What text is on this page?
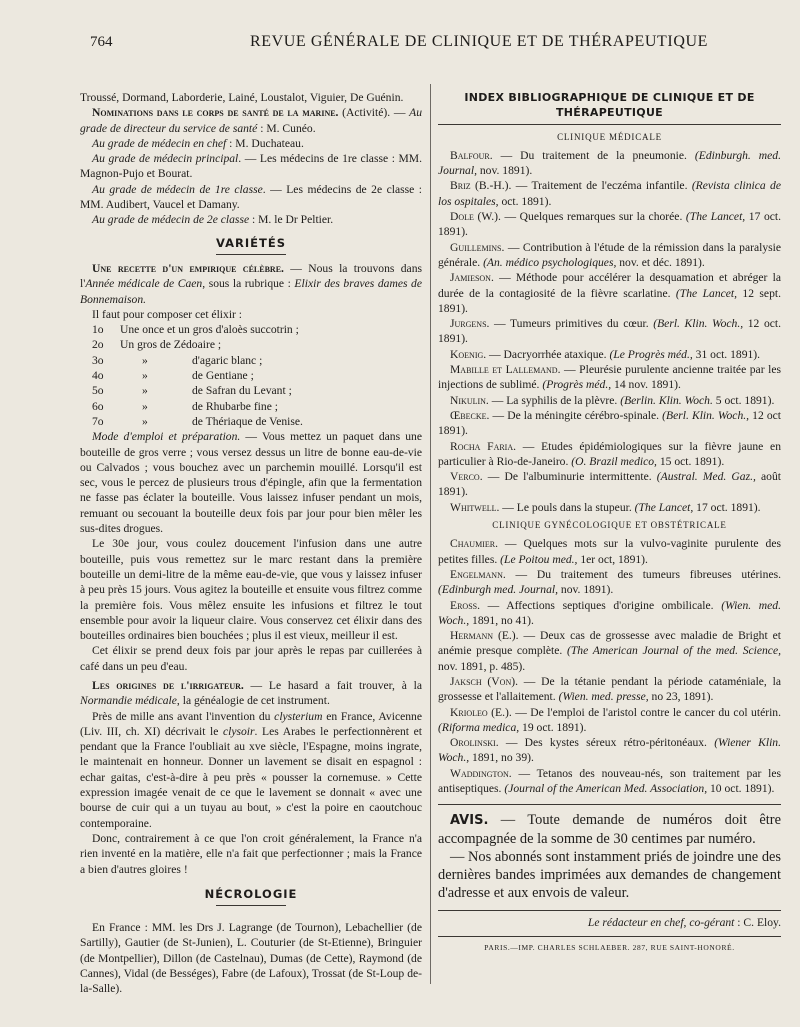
764	REVUE GÉNÉRALE DE CLINIQUE ET DE THÉRAPEUTIQUE

Troussé, Dormand, Laborderie, Lainé, Loustalot, Viguier, De Guénin.

Nominations dans le corps de santé de la marine. (Activité). — Au grade de directeur du service de santé : M. Cunéo.

Au grade de médecin en chef : M. Duchateau.

Au grade de médecin principal. — Les médecins de 1re classe : MM. Magnon-Pujo et Bourat.

Au grade de médecin de 1re classe. — Les médecins de 2e classe : MM. Audibert, Vaucel et Damany.

Au grade de médecin de 2e classe : M. le Dr Peltier.

VARIÉTÉS

Une recette d'un empirique célèbre. — Nous la trouvons dans l'Année médicale de Caen, sous la rubrique : Elixir des braves dames de Bonnemaison.

Il faut pour composer cet élixir :

1o	Une once et un gros d'aloès succotrin ;
2o	Un gros de Zédoaire ;
3o	»	d'agaric blanc ;
4o	»	de Gentiane ;
5o	»	de Safran du Levant ;
6o	»	de Rhubarbe fine ;
7o	»	de Thériaque de Venise.

Mode d'emploi et préparation. — Vous mettez un paquet dans une bouteille de gros verre ; vous versez dessus un litre de bonne eau-de-vie ou Calvados ; vous bouchez avec un parchemin mouillé. Lorsqu'il est sec, vous le percez de plusieurs trous d'épingle, afin que la fermentation ne fasse pas éclater la bouteille. Vous laissez infuser pendant un mois, remuant ou secouant la bouteille deux fois par jour pour bien mêler les sus-dites drogues.

Le 30e jour, vous coulez doucement l'infusion dans une autre bouteille, puis vous remettez sur le marc restant dans la première bouteille un demi-litre de la même eau-de-vie, que vous y laissez infuser à peu près 15 jours. Vous agitez la bouteille et ensuite vous filtrez comme la première fois. Vous mêlez ensuite les infusions et filtrez le tout ensemble pour avoir la liqueur claire. Vous conservez cet élixir dans des bouteilles ordinaires bien bouchées ; plus il est vieux, meilleur il est.

Cet élixir se prend deux fois par jour après le repas par cuillerées à café dans un peu d'eau.

Les origines de l'irrigateur. — Le hasard a fait trouver, à la Normandie médicale, la généalogie de cet instrument.

Près de mille ans avant l'invention du clysterium en France, Avicenne (Liv. III, ch. XI) décrivait le clysoir. Les Arabes le perfectionnèrent et pendant que la France l'oubliait au xve siècle, l'Espagne, moins ingrate, le maintenait en honneur. Donner un lavement se disait en espagnol : echar gaitas, c'est-à-dire à peu près « pousser la cornemuse. » Cette expression imagée venait de ce que le lavement se donnait « avec une bourse de cuir qui a un tuyau au bout, » c'est la poire en caoutchouc contemporaine.

Donc, contrairement à ce que l'on croit généralement, la France n'a rien inventé en la matière, elle n'a fait que perfectionner ; mais la France a bien d'autres gloires !

NÉCROLOGIE

En France : MM. les Drs J. Lagrange (de Tournon), Lebachellier (de Sartilly), Gautier (de St-Junien), L. Couturier (de St-Etienne), Bringuier (de Montpellier), Dillon (de Castelnau), Dumas (de Cette), Raymond (de Cannes), Vidal (de Bességes), Fabre (de Lafoux), Trossat (de St-Loup de-la-Salle).

INDEX BIBLIOGRAPHIQUE DE CLINIQUE ET DE THÉRAPEUTIQUE
CLINIQUE MÉDICALE

Balfour. — Du traitement de la pneumonie. (Edinburgh. med. Journal, nov. 1891).

Briz (B.-H.). — Traitement de l'eczéma infantile. (Revista clinica de los ospitales, oct. 1891).

Dole (W.). — Quelques remarques sur la chorée. (The Lancet, 17 oct. 1891).

Guillemins. — Contribution à l'étude de la rémission dans la paralysie générale. (An. médico psychologiques, nov. et déc. 1891).

Jamieson. — Méthode pour accélérer la desquamation et abréger la durée de la contagiosité de la fièvre scarlatine. (The Lancet, 12 sept. 1891).

Jurgens. — Tumeurs primitives du cœur. (Berl. Klin. Woch., 12 oct. 1891).

Koenig. — Dacryorrhée ataxique. (Le Progrès méd., 31 oct. 1891).

Mabille et Lallemand. — Pleurésie purulente ancienne traitée par les injections de sublimé. (Progrès méd., 14 nov. 1891).

Nikulin. — La syphilis de la plèvre. (Berlin. Klin. Woch. 5 oct. 1891).

Œbecke. — De la méningite cérébro-spinale. (Berl. Klin. Woch., 12 oct 1891).

Rocha Faria. — Etudes épidémiologiques sur la fièvre jaune en particulier à Rio-de-Janeiro. (O. Brazil medico, 15 oct. 1891).

Verco. — De l'albuminurie intermittente. (Austral. Med. Gaz., août 1891).

Whitwell. — Le pouls dans la stupeur. (The Lancet, 17 oct. 1891).

CLINIQUE GYNÉCOLOGIQUE ET OBSTÉTRICALE

Chaumier. — Quelques mots sur la vulvo-vaginite purulente des petites filles. (Le Poitou med., 1er oct, 1891).

Engelmann. — Du traitement des tumeurs fibreuses utérines. (Edinburgh med. Journal, nov. 1891).

Eross. — Affections septiques d'origine ombilicale. (Wien. med. Woch., 1891, no 41).

Hermann (E.). — Deux cas de grossesse avec maladie de Bright et anémie presque complète. (The American Journal of the med. Science, nov. 1891, p. 485).

Jaksch (Von). — De la tétanie pendant la période cataméniale, la grossesse et l'allaitement. (Wien. med. presse, no 23, 1891).

Krioleo (E.). — De l'emploi de l'aristol contre le cancer du col utérin. (Riforma medica, 19 oct. 1891).

Orolinski. — Des kystes séreux rétro-péritonéaux. (Wiener Klin. Woch., 1891, no 39).

Waddington. — Tetanos des nouveau-nés, son traitement par les antiseptiques. (Journal of the American Med. Association, 10 oct. 1891).

AVIS. — Toute demande de numéros doit être accompagnée de la somme de 30 centimes par numéro.

— Nos abonnés sont instamment priés de joindre une des dernières bandes imprimées aux demandes de changement d'adresse et aux envois de valeur.

Le rédacteur en chef, co-gérant : C. Eloy.
PARIS.—IMP. CHARLES SCHLAEBER. 287, RUE SAINT-HONORÉ.
